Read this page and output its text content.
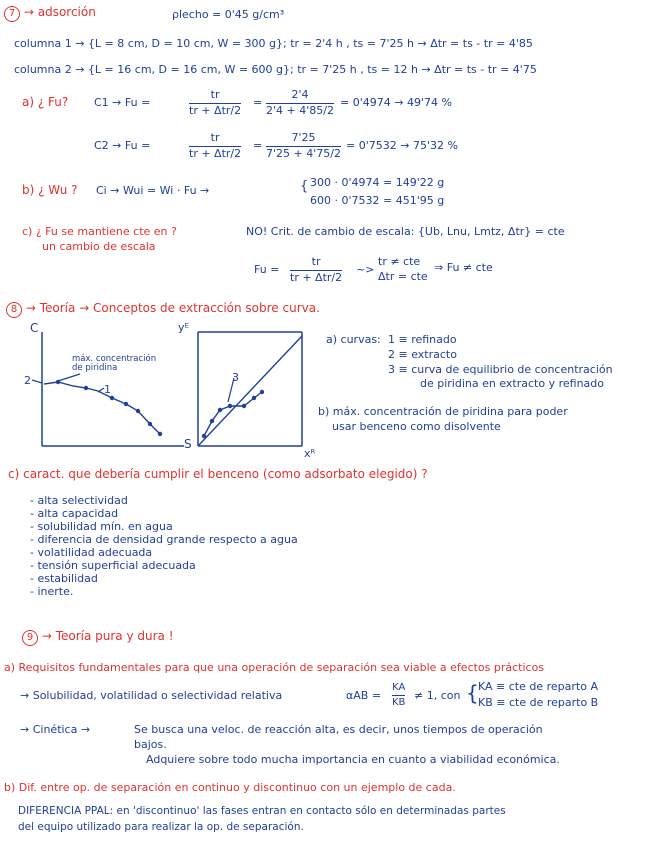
7 → adsorción	ρlecho = 0'45 g/cm³
columna 1 → {L = 8 cm, D = 10 cm, W = 300 g}; tr = 2'4 h , ts = 7'25 h → Δtr = ts - tr = 4'85
columna 2 → {L = 16 cm, D = 16 cm, W = 600 g}; tr = 7'25 h , ts = 12 h → Δtr = ts - tr = 4'75
a) ¿ Fu? C1 → Fu =
tr
tr + Δtr/2
=
2'4
2'4 + 4'85/2
= 0'4974 → 49'74 %
C2 → Fu =
tr
tr + Δtr/2
=
7'25
7'25 + 4'75/2
= 0'7532 → 75'32 %
b) ¿ Wu ? Ci → Wui = Wi · Fu →	{ 300 · 0'4974 = 149'22 g
600 · 0'7532 = 451'95 g
c) ¿ Fu se mantiene cte en ?
un cambio de escala
NO! Crit. de cambio de escala: {Ub, Lnu, Lmtz, Δtr} = cte
Fu =
tr
tr + Δtr/2
~>
tr ≠ cte
Δtr = cte
⇒ Fu ≠ cte
8 → Teoría → Conceptos de extracción sobre curva.
C
S
2
1
máx. concentración de piridina
yᴱ
xᴿ
3
a) curvas: 1 ≡ refinado
2 ≡ extracto
3 ≡ curva de equilibrio de concentración
de piridina en extracto y refinado
b) máx. concentración de piridina para poder
usar benceno como disolvente
c) caract. que debería cumplir el benceno (como adsorbato elegido) ?
- alta selectividad
- alta capacidad
- solubilidad mín. en agua
- diferencia de densidad grande respecto a agua
- volatilidad adecuada
- tensión superficial adecuada
- estabilidad
- inerte.
9 → Teoría pura y dura !
a) Requisitos fundamentales para que una operación de separación sea viable a efectos prácticos
→ Solubilidad, volatilidad o selectividad relativa	αAB =
KA
KB ≠ 1, con { KA ≡ cte de reparto A
KB ≡ cte de reparto B
→ Cinética →	Se busca una veloc. de reacción alta, es decir, unos tiempos de operación
bajos.
Adquiere sobre todo mucha importancia en cuanto a viabilidad económica.
b) Dif. entre op. de separación en continuo y discontinuo con un ejemplo de cada.
DIFERENCIA PPAL: en 'discontinuo' las fases entran en contacto sólo en determinadas partes
del equipo utilizado para realizar la op. de separación.
